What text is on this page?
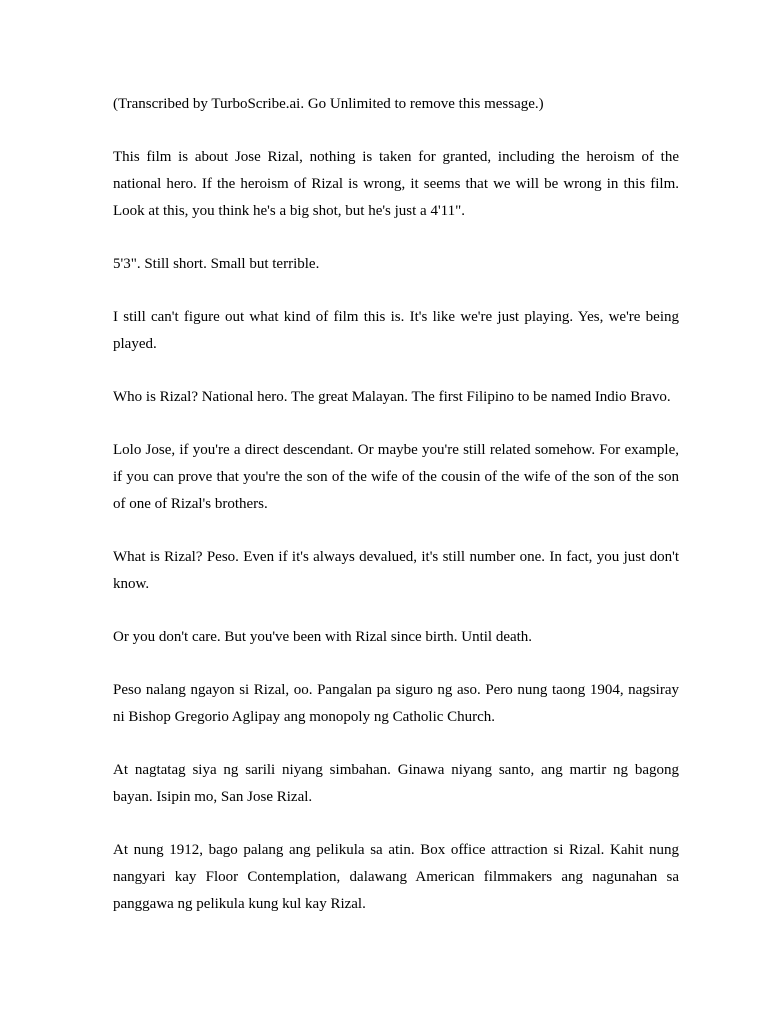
(Transcribed by TurboScribe.ai. Go Unlimited to remove this message.)

This film is about Jose Rizal, nothing is taken for granted, including the heroism of the national hero. If the heroism of Rizal is wrong, it seems that we will be wrong in this film. Look at this, you think he's a big shot, but he's just a 4'11".

5'3". Still short. Small but terrible.

I still can't figure out what kind of film this is. It's like we're just playing. Yes, we're being played.

Who is Rizal? National hero. The great Malayan. The first Filipino to be named Indio Bravo.

Lolo Jose, if you're a direct descendant. Or maybe you're still related somehow. For example, if you can prove that you're the son of the wife of the cousin of the wife of the son of the son of one of Rizal's brothers.

What is Rizal? Peso. Even if it's always devalued, it's still number one. In fact, you just don't know.

Or you don't care. But you've been with Rizal since birth. Until death.

Peso nalang ngayon si Rizal, oo. Pangalan pa siguro ng aso. Pero nung taong 1904, nagsiray ni Bishop Gregorio Aglipay ang monopoly ng Catholic Church.

At nagtatag siya ng sarili niyang simbahan. Ginawa niyang santo, ang martir ng bagong bayan. Isipin mo, San Jose Rizal.

At nung 1912, bago palang ang pelikula sa atin. Box office attraction si Rizal. Kahit nung nangyari kay Floor Contemplation, dalawang American filmmakers ang nagunahan sa panggawa ng pelikula kung kul kay Rizal.
